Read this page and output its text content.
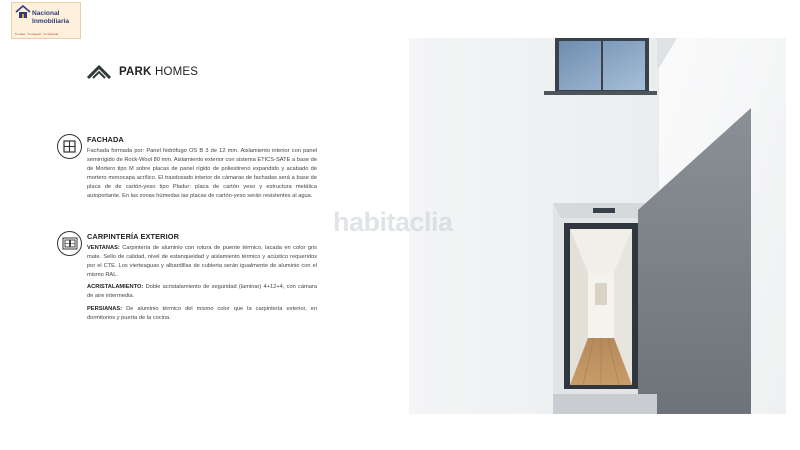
Nacional
Inmobiliaria
Tu casa · Tu negocio · Tu Vivienda
PARK HOMES
FACHADA
Fachada formada por: Panel hidrófugo OS B 3 de 12 mm. Aislamiento interior con panel semirrigido de Rock-Wool 80 mm. Aislamiento exterior con sistema ETICS-SATE a base de de Mortero tipo M sobre placas de panel rígido de poliestireno expandido y acabado de mortero monocapa acrílico. El trasdosado interior de cámaras de fachadas será a base de placa de de cartón-yeso tipo Pladur: placa de cartón yeso y estructura metálica autoportante. En las zonas húmedas las placas de cartón-yeso serán resistentes al agua.
CARPINTERÍA EXTERIOR
VENTANAS: Carpintería de aluminio con rotura de puente térmico, lacada en color gris mate. Sello de calidad, nivel de estanqueidad y aislamiento térmico y acústico requeridos por el CTE. Los vierteaguas y albardillas de cubierta serán igualmente de aluminio con el mismo RAL.
ACRISTALAMIENTO: Doble acristalamiento de seguridad (laminar) 4+12+4, con cámara de aire intermedia.
PERSIANAS: De aluminio térmico del mismo color que la carpintería exterior, en dormitorios y puerta de la cocina.
habitaclia
